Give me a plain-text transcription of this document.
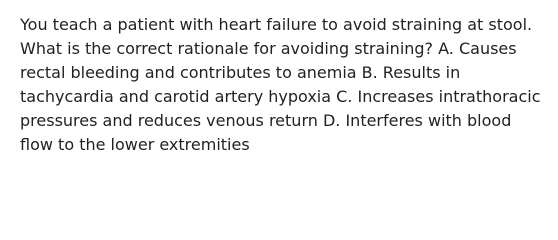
You teach a patient with heart failure to avoid straining at stool.
What is the correct rationale for avoiding straining? A. Causes
rectal bleeding and contributes to anemia B. Results in
tachycardia and carotid artery hypoxia C. Increases intrathoracic
pressures and reduces venous return D. Interferes with blood
flow to the lower extremities
